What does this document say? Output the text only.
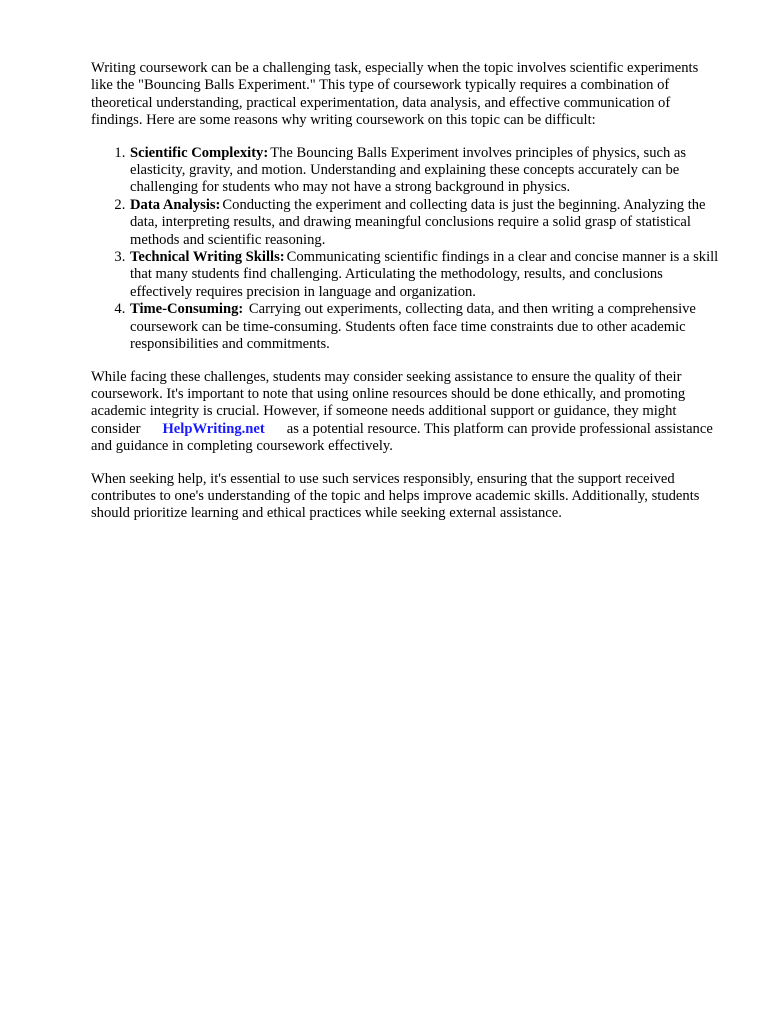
Writing coursework can be a challenging task, especially when the topic involves scientific experiments like the "Bouncing Balls Experiment." This type of coursework typically requires a combination of theoretical understanding, practical experimentation, data analysis, and effective communication of findings. Here are some reasons why writing coursework on this topic can be difficult:

1. Scientific Complexity: The Bouncing Balls Experiment involves principles of physics, such as elasticity, gravity, and motion. Understanding and explaining these concepts accurately can be challenging for students who may not have a strong background in physics.
2. Data Analysis: Conducting the experiment and collecting data is just the beginning. Analyzing the data, interpreting results, and drawing meaningful conclusions require a solid grasp of statistical methods and scientific reasoning.
3. Technical Writing Skills: Communicating scientific findings in a clear and concise manner is a skill that many students find challenging. Articulating the methodology, results, and conclusions effectively requires precision in language and organization.
4. Time-Consuming: Carrying out experiments, collecting data, and then writing a comprehensive coursework can be time-consuming. Students often face time constraints due to other academic responsibilities and commitments.

While facing these challenges, students may consider seeking assistance to ensure the quality of their coursework. It's important to note that using online resources should be done ethically, and promoting academic integrity is crucial. However, if someone needs additional support or guidance, they might consider HelpWriting.net as a potential resource. This platform can provide professional assistance and guidance in completing coursework effectively.

When seeking help, it's essential to use such services responsibly, ensuring that the support received contributes to one's understanding of the topic and helps improve academic skills. Additionally, students should prioritize learning and ethical practices while seeking external assistance.
